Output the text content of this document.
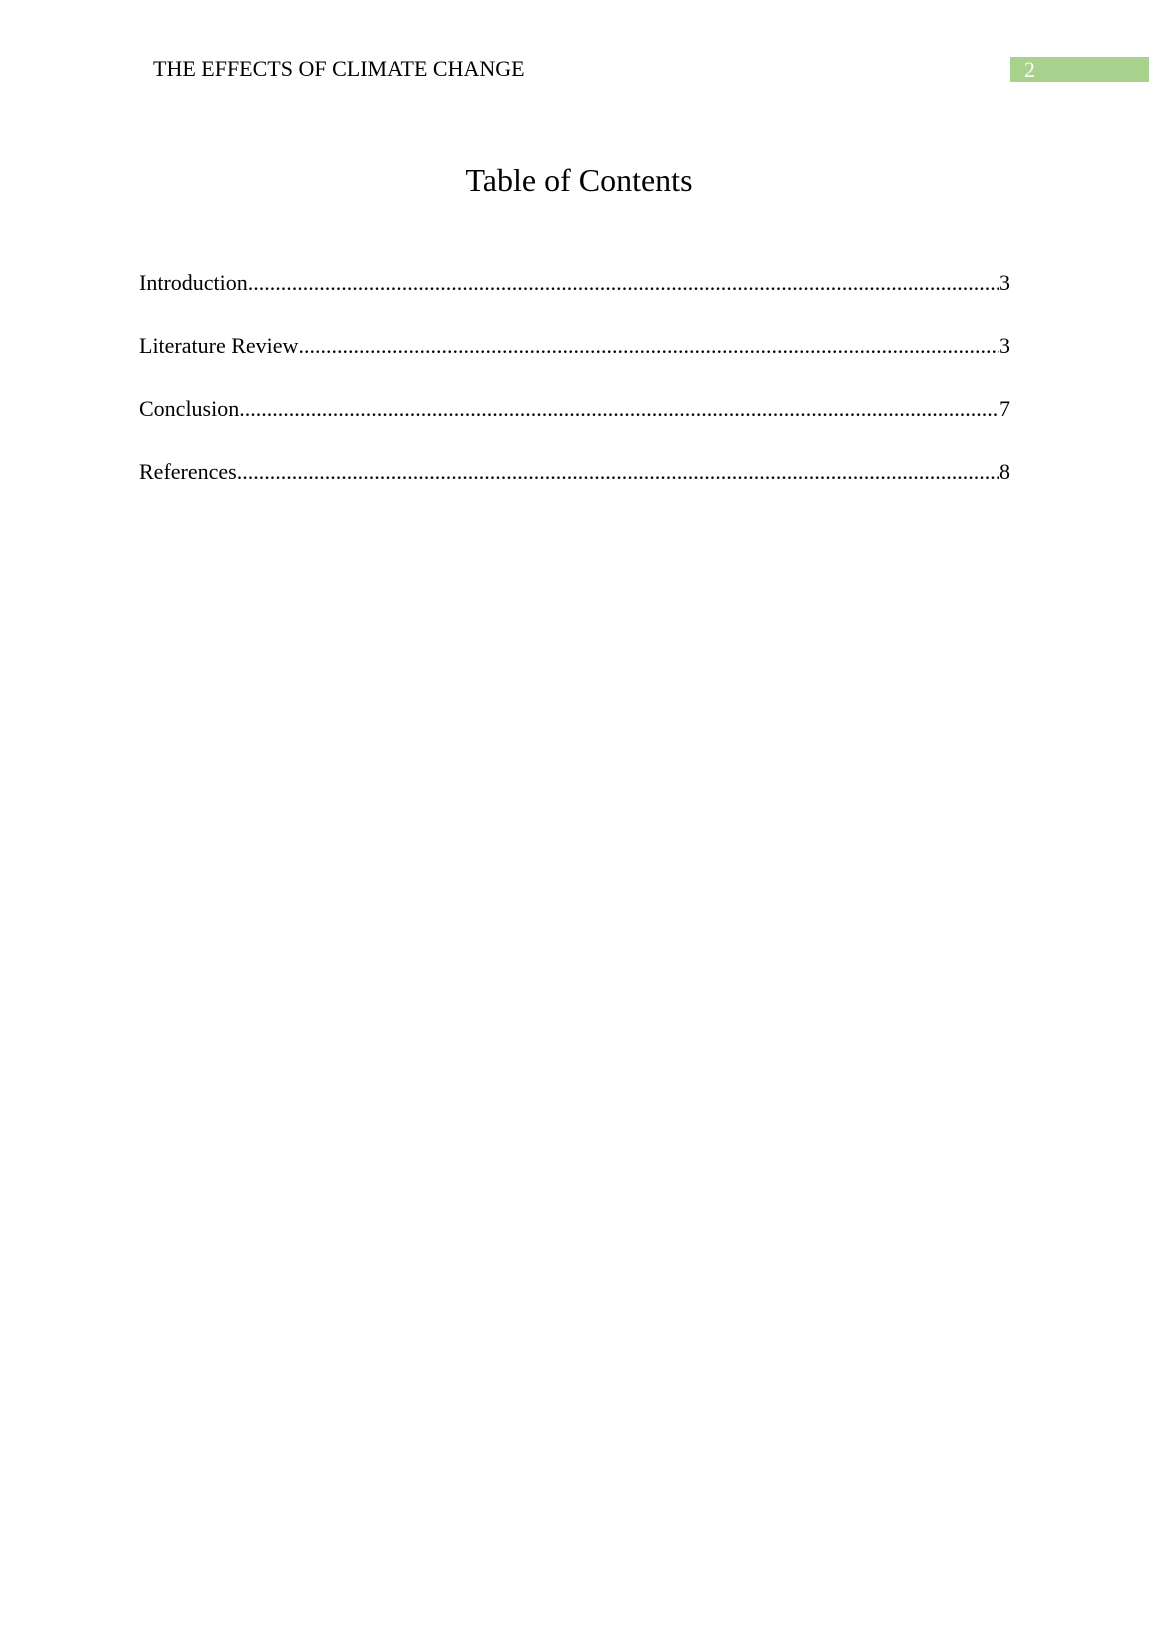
THE EFFECTS OF CLIMATE CHANGE	2
Table of Contents
Introduction .....	3
Literature Review .....	3
Conclusion .....	7
References .....	8
